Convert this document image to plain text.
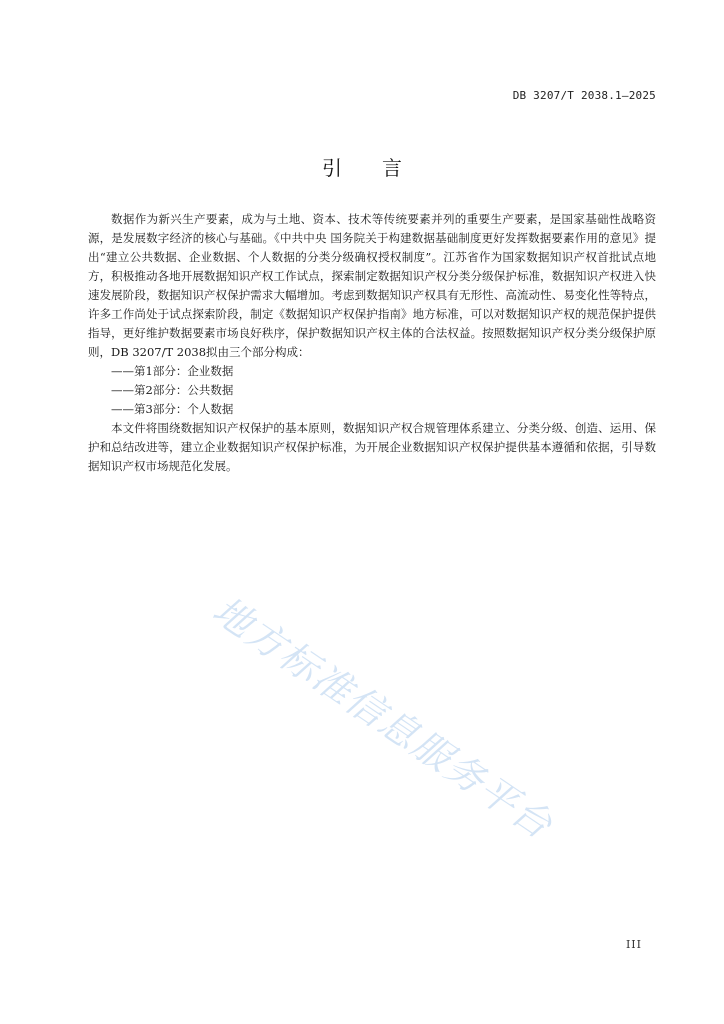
DB 3207/T 2038.1—2025
引 言

数据作为新兴生产要素，成为与土地、资本、技术等传统要素并列的重要生产要素，是国家基础性战略资源，是发展数字经济的核心与基础。《中共中央 国务院关于构建数据基础制度更好发挥数据要素作用的意见》提出“建立公共数据、企业数据、个人数据的分类分级确权授权制度”。江苏省作为国家数据知识产权首批试点地方，积极推动各地开展数据知识产权工作试点，探索制定数据知识产权分类分级保护标准，数据知识产权进入快速发展阶段，数据知识产权保护需求大幅增加。考虑到数据知识产权具有无形性、高流动性、易变化性等特点，许多工作尚处于试点探索阶段，制定《数据知识产权保护指南》地方标准，可以对数据知识产权的规范保护提供指导，更好维护数据要素市场良好秩序，保护数据知识产权主体的合法权益。按照数据知识产权分类分级保护原则，DB 3207/T 2038拟由三个部分构成：

——第1部分：企业数据

——第2部分：公共数据

——第3部分：个人数据

本文件将围绕数据知识产权保护的基本原则，数据知识产权合规管理体系建立、分类分级、创造、运用、保护和总结改进等，建立企业数据知识产权保护标准，为开展企业数据知识产权保护提供基本遵循和依据，引导数据知识产权市场规范化发展。

地方标准信息服务平台
III
